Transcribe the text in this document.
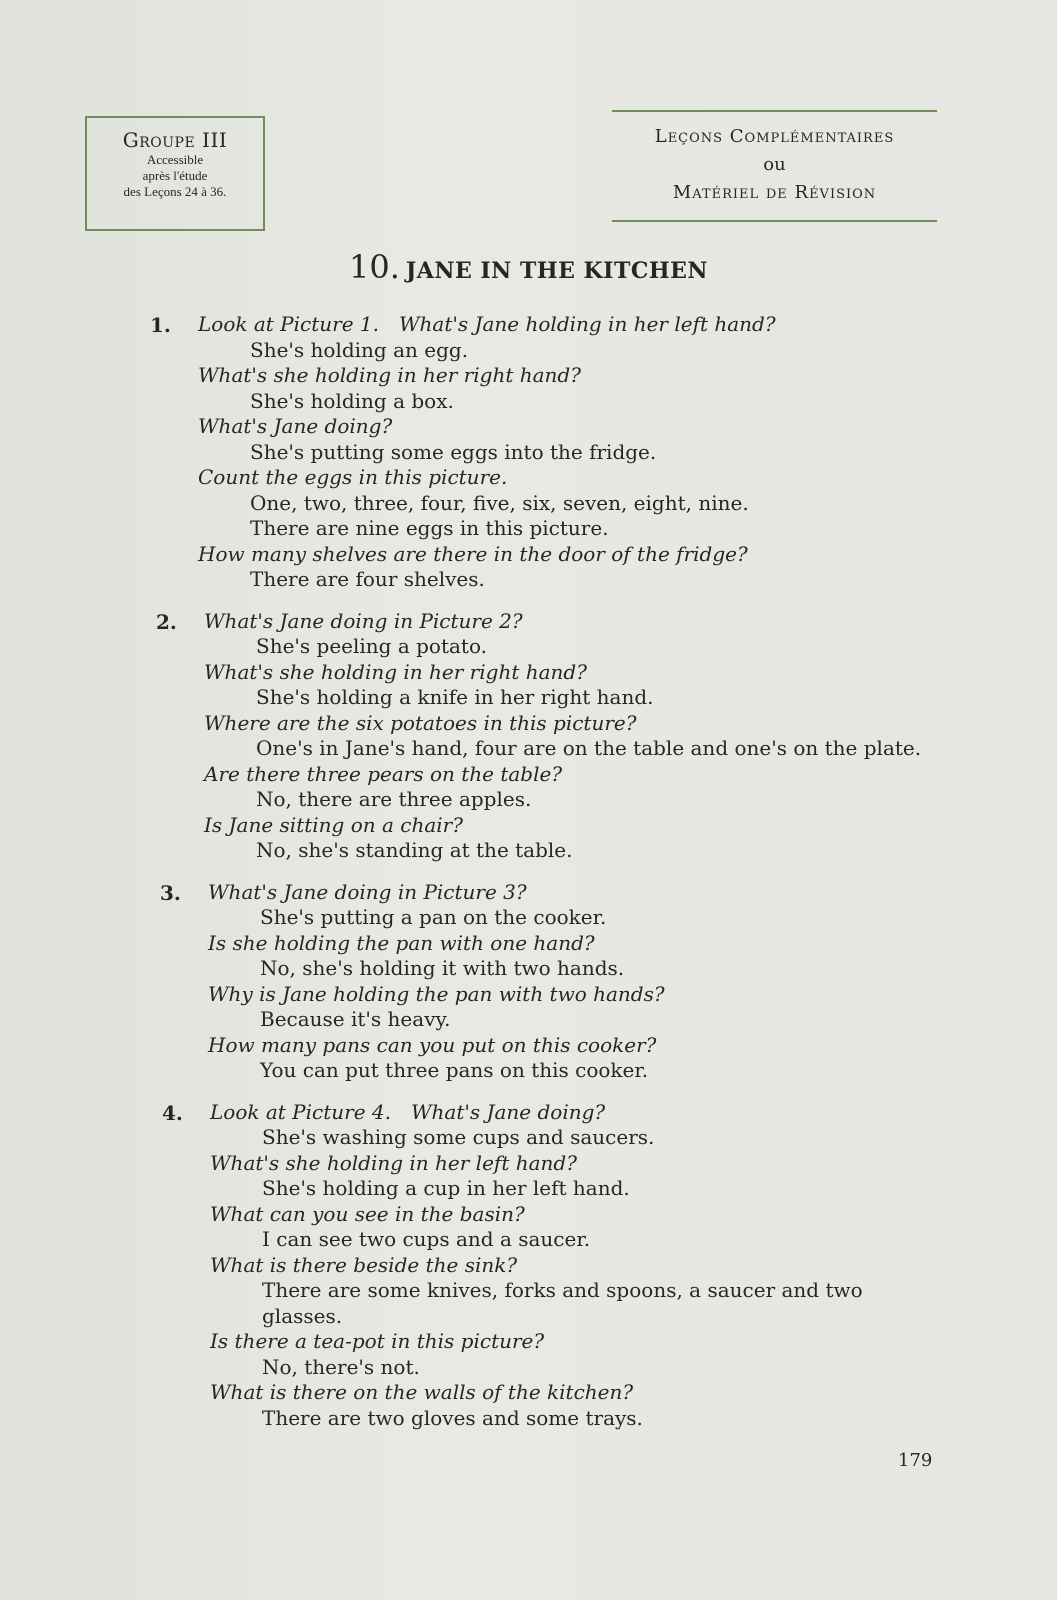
Groupe III
Accessible
après l'étude
des Leçons 24 à 36.
Leçons Complémentaires
ou
Matériel de Révision
10. JANE IN THE KITCHEN
1. Look at Picture 1. What's Jane holding in her left hand?
She's holding an egg.
What's she holding in her right hand?
She's holding a box.
What's Jane doing?
She's putting some eggs into the fridge.
Count the eggs in this picture.
One, two, three, four, five, six, seven, eight, nine.
There are nine eggs in this picture.
How many shelves are there in the door of the fridge?
There are four shelves.
2. What's Jane doing in Picture 2?
She's peeling a potato.
What's she holding in her right hand?
She's holding a knife in her right hand.
Where are the six potatoes in this picture?
One's in Jane's hand, four are on the table and one's on the plate.
Are there three pears on the table?
No, there are three apples.
Is Jane sitting on a chair?
No, she's standing at the table.
3. What's Jane doing in Picture 3?
She's putting a pan on the cooker.
Is she holding the pan with one hand?
No, she's holding it with two hands.
Why is Jane holding the pan with two hands?
Because it's heavy.
How many pans can you put on this cooker?
You can put three pans on this cooker.
4. Look at Picture 4. What's Jane doing?
She's washing some cups and saucers.
What's she holding in her left hand?
She's holding a cup in her left hand.
What can you see in the basin?
I can see two cups and a saucer.
What is there beside the sink?
There are some knives, forks and spoons, a saucer and two glasses.
Is there a tea-pot in this picture?
No, there's not.
What is there on the walls of the kitchen?
There are two gloves and some trays.
179
